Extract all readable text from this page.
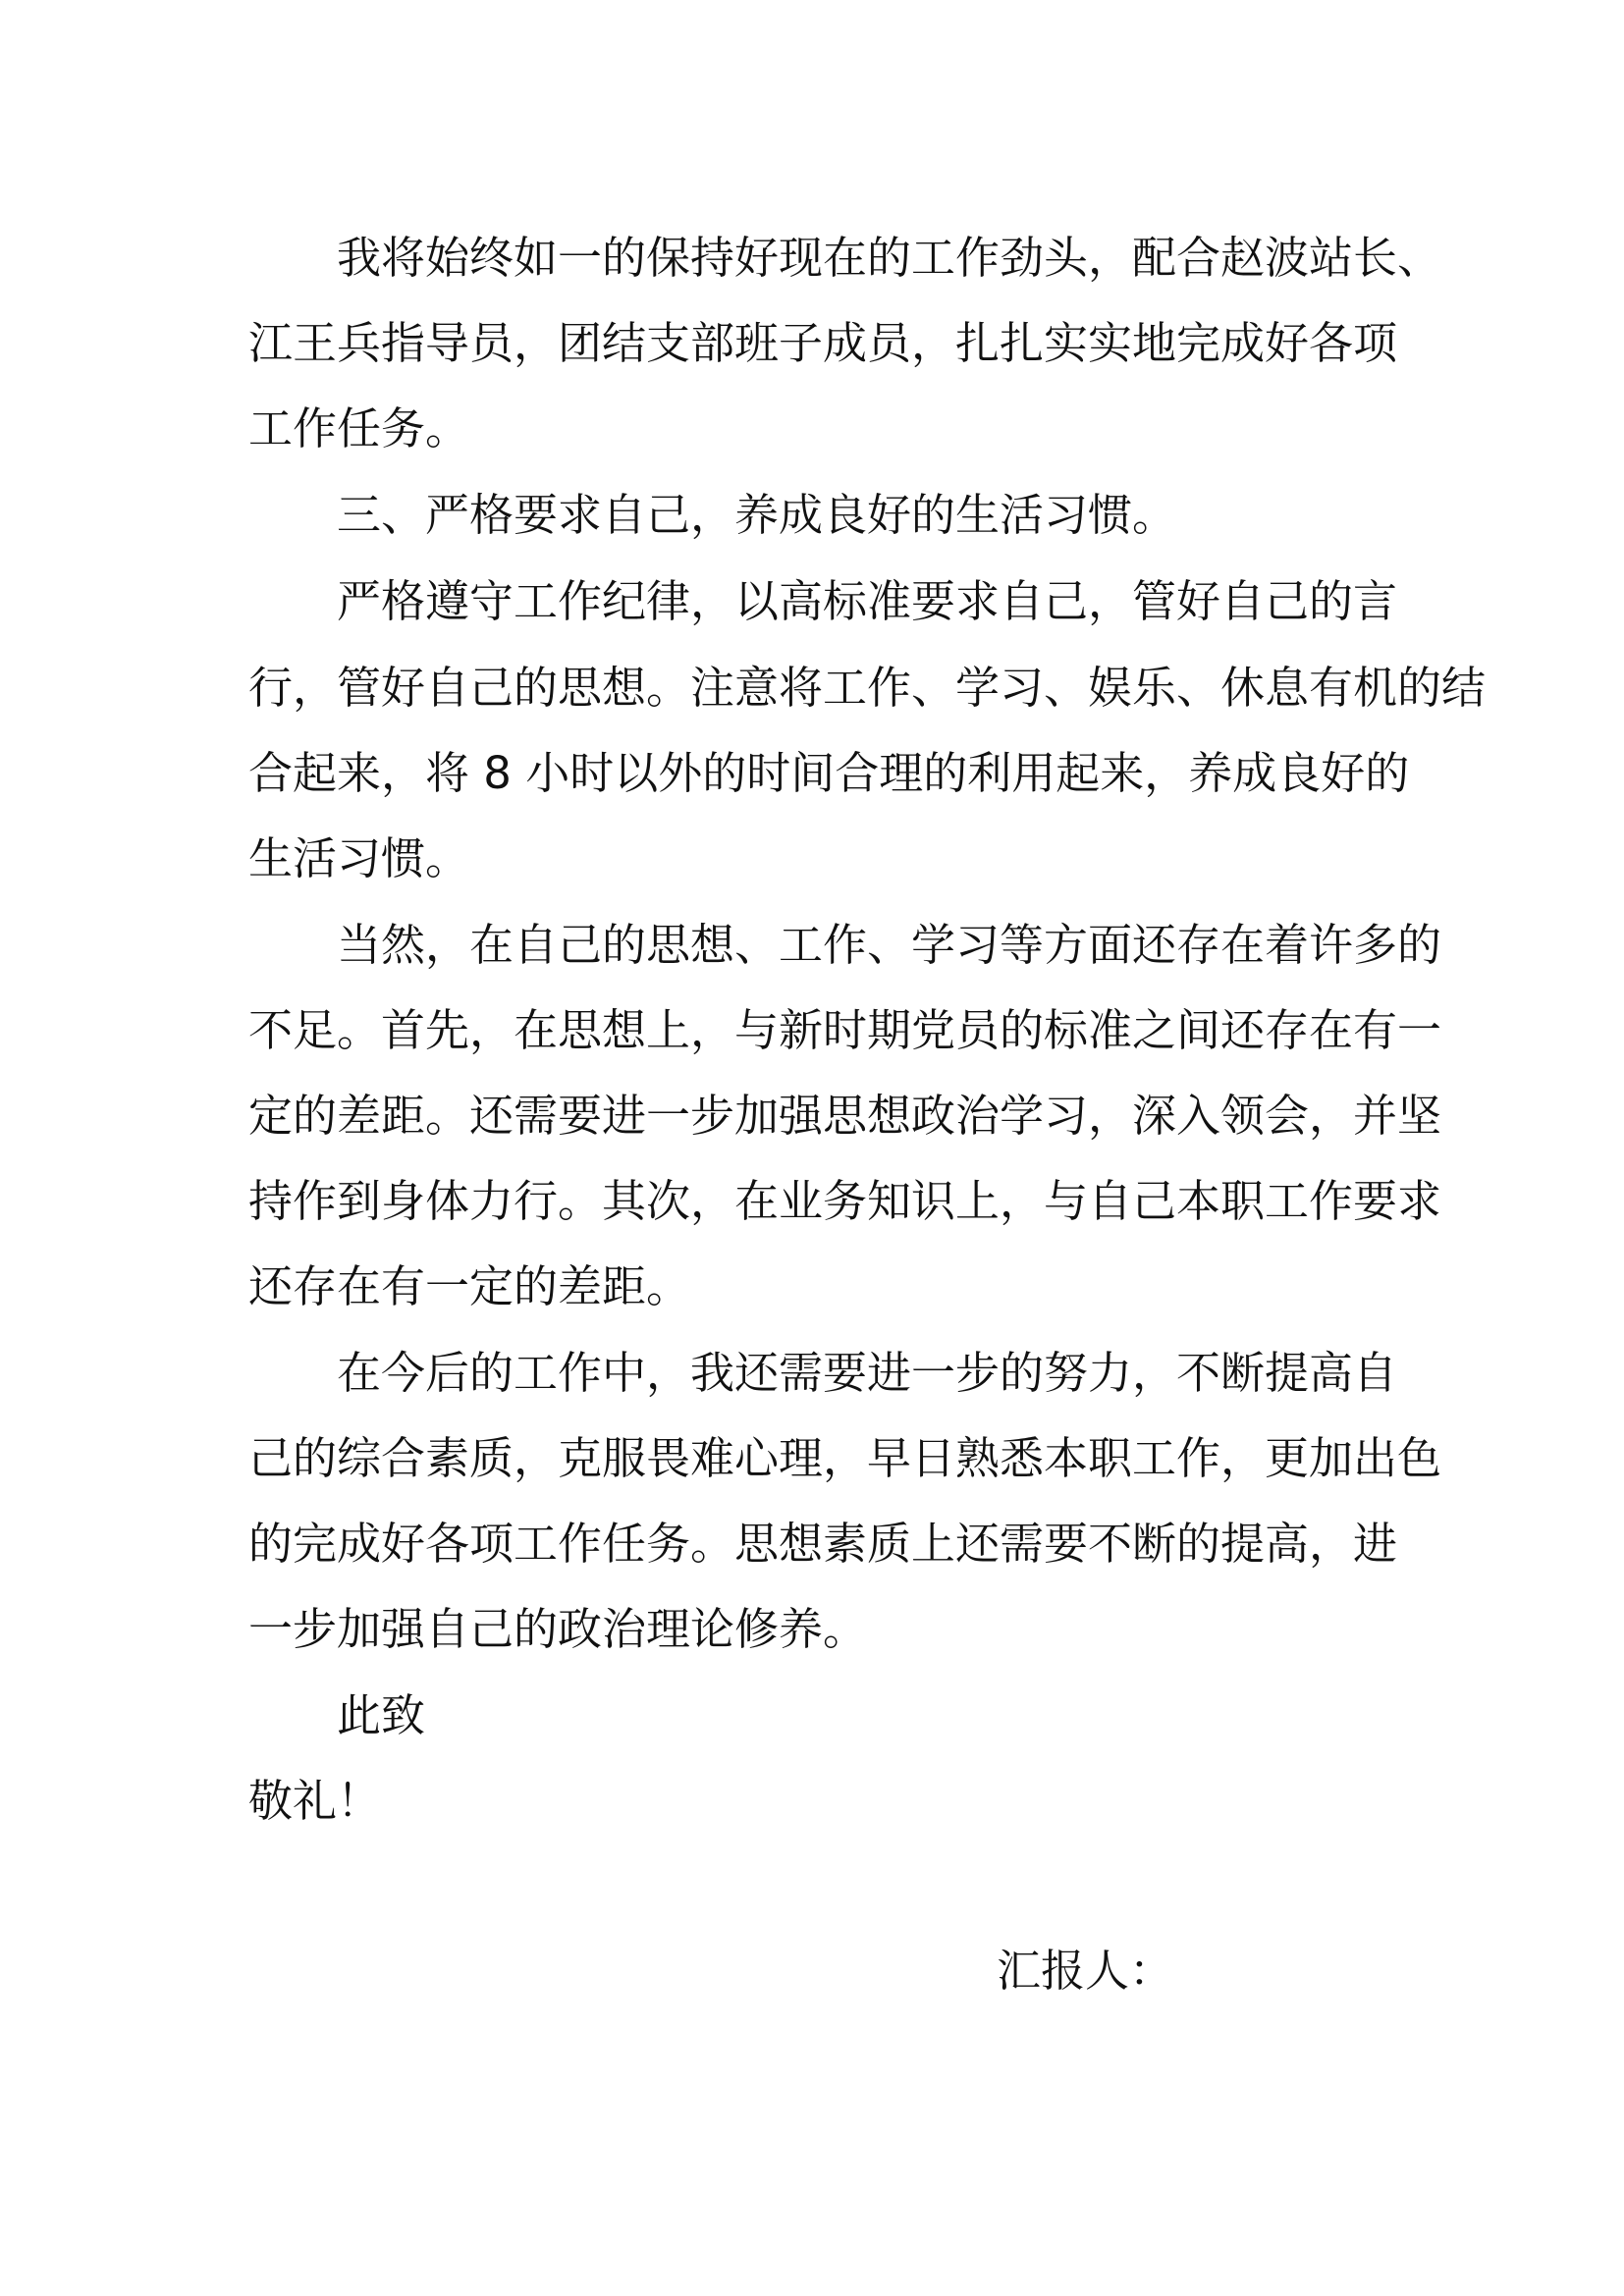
我将始终如一的保持好现在的工作劲头，配合赵波站长、
江王兵指导员，团结支部班子成员，扎扎实实地完成好各项
工作任务。
三、严格要求自己，养成良好的生活习惯。
严格遵守工作纪律，以高标准要求自己，管好自己的言
行，管好自己的思想。注意将工作、学习、娱乐、休息有机的结
合起来，将 8 小时以外的时间合理的利用起来，养成良好的
生活习惯。
当然，在自己的思想、工作、学习等方面还存在着许多的
不足。首先，在思想上，与新时期党员的标准之间还存在有一
定的差距。还需要进一步加强思想政治学习，深入领会，并坚
持作到身体力行。其次，在业务知识上，与自己本职工作要求
还存在有一定的差距。
在今后的工作中，我还需要进一步的努力，不断提高自
己的综合素质，克服畏难心理，早日熟悉本职工作，更加出色
的完成好各项工作任务。思想素质上还需要不断的提高，进
一步加强自己的政治理论修养。
此致
敬礼！
汇报人：
